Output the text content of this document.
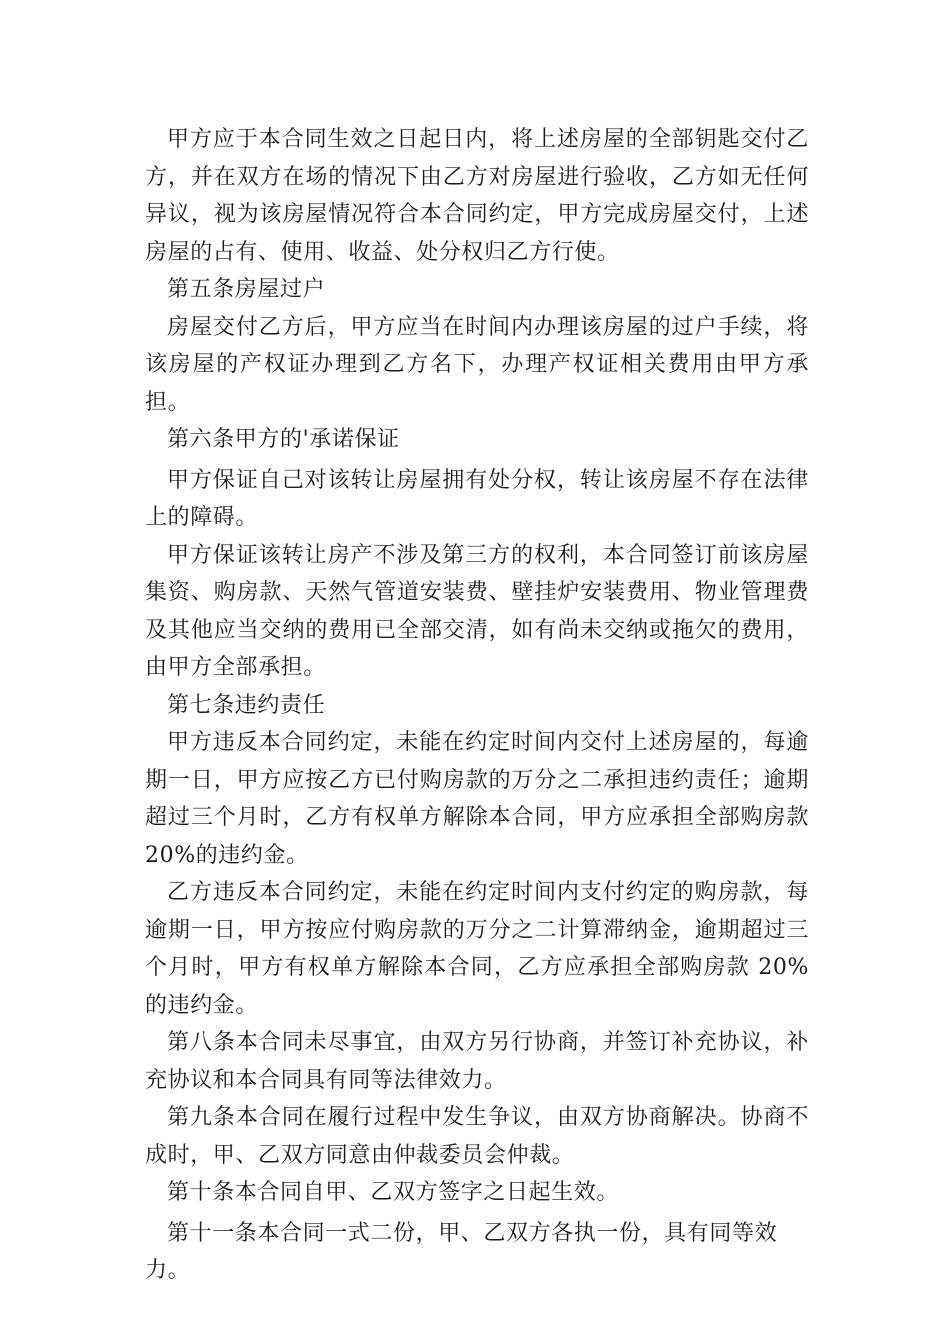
甲方应于本合同生效之日起日内，将上述房屋的全部钥匙交付乙方，并在双方在场的情况下由乙方对房屋进行验收，乙方如无任何异议，视为该房屋情况符合本合同约定，甲方完成房屋交付，上述房屋的占有、使用、收益、处分权归乙方行使。

第五条房屋过户

房屋交付乙方后，甲方应当在时间内办理该房屋的过户手续，将该房屋的产权证办理到乙方名下，办理产权证相关费用由甲方承担。

第六条甲方的'承诺保证

甲方保证自己对该转让房屋拥有处分权，转让该房屋不存在法律上的障碍。

甲方保证该转让房产不涉及第三方的权利，本合同签订前该房屋集资、购房款、天然气管道安装费、壁挂炉安装费用、物业管理费及其他应当交纳的费用已全部交清，如有尚未交纳或拖欠的费用，由甲方全部承担。

第七条违约责任

甲方违反本合同约定，未能在约定时间内交付上述房屋的，每逾期一日，甲方应按乙方已付购房款的万分之二承担违约责任；逾期超过三个月时，乙方有权单方解除本合同，甲方应承担全部购房款20%的违约金。

乙方违反本合同约定，未能在约定时间内支付约定的购房款，每逾期一日，甲方按应付购房款的万分之二计算滞纳金，逾期超过三个月时，甲方有权单方解除本合同，乙方应承担全部购房款 20%的违约金。

第八条本合同未尽事宜，由双方另行协商，并签订补充协议，补充协议和本合同具有同等法律效力。

第九条本合同在履行过程中发生争议，由双方协商解决。协商不成时，甲、乙双方同意由仲裁委员会仲裁。

第十条本合同自甲、乙双方签字之日起生效。

第十一条本合同一式二份，甲、乙双方各执一份，具有同等效力。
